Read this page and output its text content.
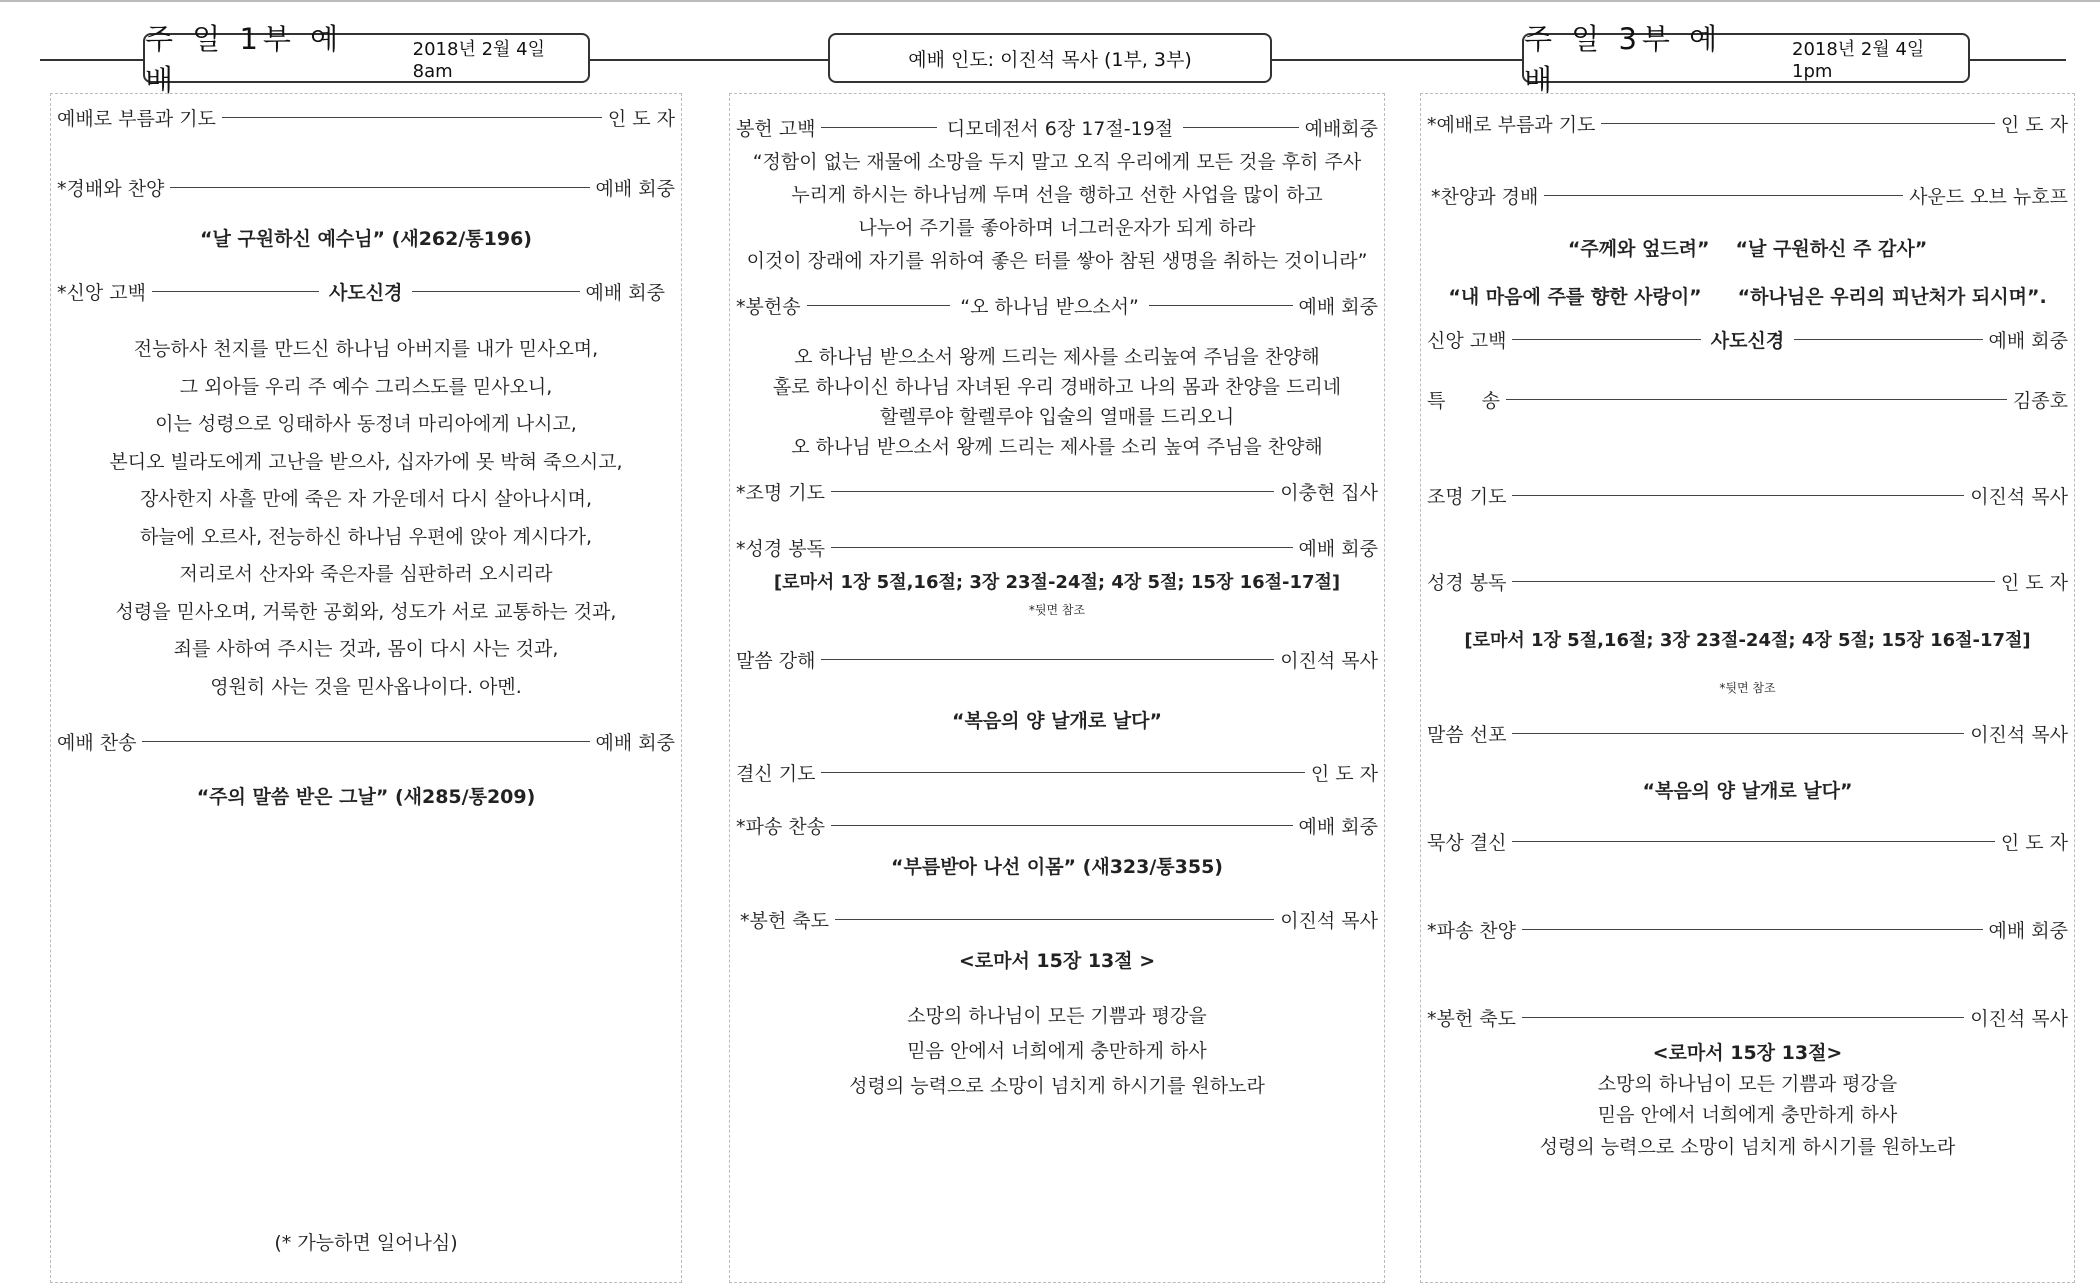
주 일 1부 예 배
2018년 2월 4일 8am
예배 인도: 이진석 목사 (1부, 3부)
주 일 3부 예 배
2018년 2월 4일 1pm
예배로 부름과 기도	인 도 자
*경배와 찬양	예배 회중
“날 구원하신 예수님” (새262/통196)
*신앙 고백	사도신경	예배 회중
전능하사 천지를 만드신 하나님 아버지를 내가 믿사오며,
그 외아들 우리 주 예수 그리스도를 믿사오니,
이는 성령으로 잉태하사 동정녀 마리아에게 나시고,
본디오 빌라도에게 고난을 받으사, 십자가에 못 박혀 죽으시고,
장사한지 사흘 만에 죽은 자 가운데서 다시 살아나시며,
하늘에 오르사, 전능하신 하나님 우편에 앉아 계시다가,
저리로서 산자와 죽은자를 심판하러 오시리라
성령을 믿사오며, 거룩한 공회와, 성도가 서로 교통하는 것과,
죄를 사하여 주시는 것과, 몸이 다시 사는 것과,
영원히 사는 것을 믿사옵나이다. 아멘.
예배 찬송	예배 회중
“주의 말씀 받은 그날” (새285/통209)
(* 가능하면 일어나심)
봉헌 고백	디모데전서 6장 17절-19절	예배회중
“정함이 없는 재물에 소망을 두지 말고 오직 우리에게 모든 것을 후히 주사
누리게 하시는 하나님께 두며 선을 행하고 선한 사업을 많이 하고
나누어 주기를 좋아하며 너그러운자가 되게 하라
이것이 장래에 자기를 위하여 좋은 터를 쌓아 참된 생명을 취하는 것이니라”
*봉헌송	“오 하나님 받으소서”	예배 회중
오 하나님 받으소서 왕께 드리는 제사를 소리높여 주님을 찬양해
홀로 하나이신 하나님 자녀된 우리 경배하고 나의 몸과 찬양을 드리네
할렐루야 할렐루야 입술의 열매를 드리오니
오 하나님 받으소서 왕께 드리는 제사를 소리 높여 주님을 찬양해
*조명 기도	이충현 집사
*성경 봉독	예배 회중
[로마서 1장 5절,16절; 3장 23절-24절; 4장 5절; 15장 16절-17절]
*뒷면 참조
말씀 강해	이진석 목사
“복음의 양 날개로 날다”
결신 기도	인 도 자
*파송 찬송	예배 회중
“부름받아 나선 이몸” (새323/통355)
*봉헌 축도	이진석 목사
<로마서 15장 13절 >
소망의 하나님이 모든 기쁨과 평강을
믿음 안에서 너희에게 충만하게 하사
성령의 능력으로 소망이 넘치게 하시기를 원하노라
*예배로 부름과 기도	인 도 자
*찬양과 경배	사운드 오브 뉴호프
“주께와 엎드려” “날 구원하신 주 감사”
“내 마음에 주를 향한 사랑이” “하나님은 우리의 피난처가 되시며”.
신앙 고백	사도신경	예배 회중
특      송	김종호
조명 기도	이진석 목사
성경 봉독	인 도 자
[로마서 1장 5절,16절; 3장 23절-24절; 4장 5절; 15장 16절-17절]
*뒷면 참조
말씀 선포	이진석 목사
“복음의 양 날개로 날다”
묵상 결신	인 도 자
*파송 찬양	예배 회중
*봉헌 축도	이진석 목사
<로마서 15장 13절>
소망의 하나님이 모든 기쁨과 평강을
믿음 안에서 너희에게 충만하게 하사
성령의 능력으로 소망이 넘치게 하시기를 원하노라
